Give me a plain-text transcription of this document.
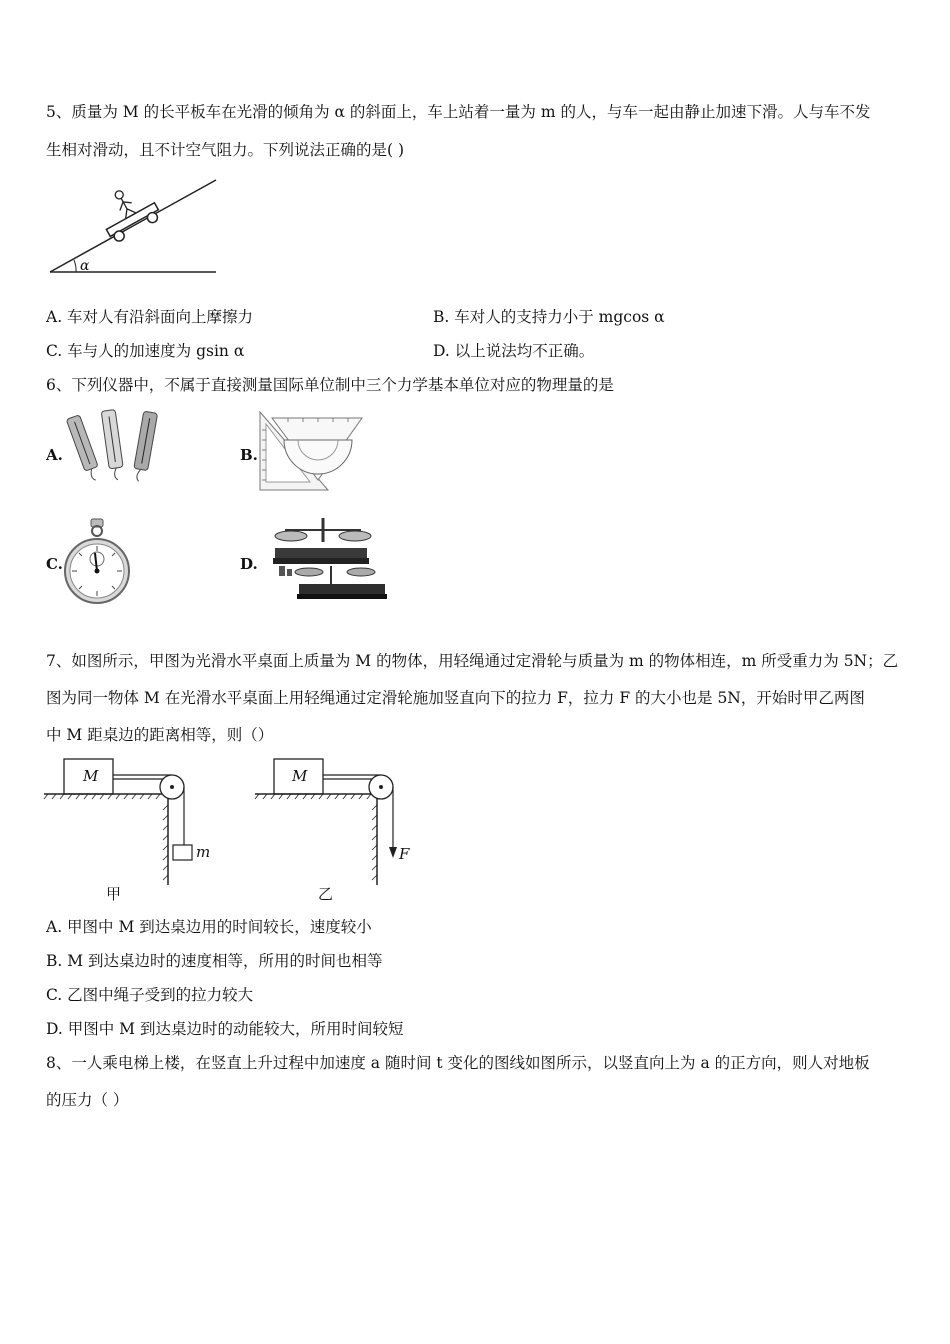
5、质量为 M 的长平板车在光滑的倾角为 α 的斜面上，车上站着一量为 m 的人，与车一起由静止加速下滑。人与车不发
生相对滑动，且不计空气阻力。下列说法正确的是( )
α
A. 车对人有沿斜面向上摩擦力	B. 车对人的支持力小于 mgcos α
C. 车与人的加速度为 gsin α	D. 以上说法均不正确。
6、下列仪器中，不属于直接测量国际单位制中三个力学基本单位对应的物理量的是
A.	B.
C.	D.
7、如图所示，甲图为光滑水平桌面上质量为 M 的物体，用轻绳通过定滑轮与质量为 m 的物体相连，m 所受重力为 5N；乙
图为同一物体 M 在光滑水平桌面上用轻绳通过定滑轮施加竖直向下的拉力 F，拉力 F 的大小也是 5N，开始时甲乙两图
中 M 距桌边的距离相等，则（）
M
m
甲
M
F
乙
A. 甲图中 M 到达桌边用的时间较长，速度较小
B. M 到达桌边时的速度相等，所用的时间也相等
C. 乙图中绳子受到的拉力较大
D. 甲图中 M 到达桌边时的动能较大，所用时间较短
8、一人乘电梯上楼，在竖直上升过程中加速度 a 随时间 t 变化的图线如图所示，以竖直向上为 a 的正方向，则人对地板
的压力（ ）
